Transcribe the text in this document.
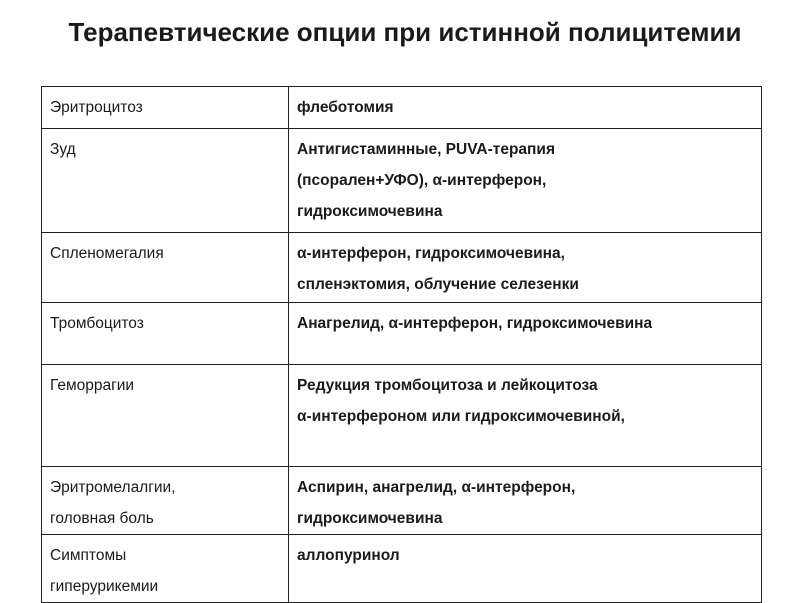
Терапевтические опции при истинной полицитемии
Эритроцитоз	флеботомия
Зуд	Антигистаминные, PUVA-терапия
(псорален+УФО), α-интерферон,
гидроксимочевина
Спленомегалия	α-интерферон, гидроксимочевина,
спленэктомия, облучение селезенки
Тромбоцитоз	Анагрелид, α-интерферон, гидроксимочевина
Геморрагии	Редукция тромбоцитоза и лейкоцитоза
α-интерфероном или гидроксимочевиной,
Эритромелалгии,
головная боль	Аспирин, анагрелид, α-интерферон,
гидроксимочевина
Симптомы
гиперурикемии	аллопуринол
